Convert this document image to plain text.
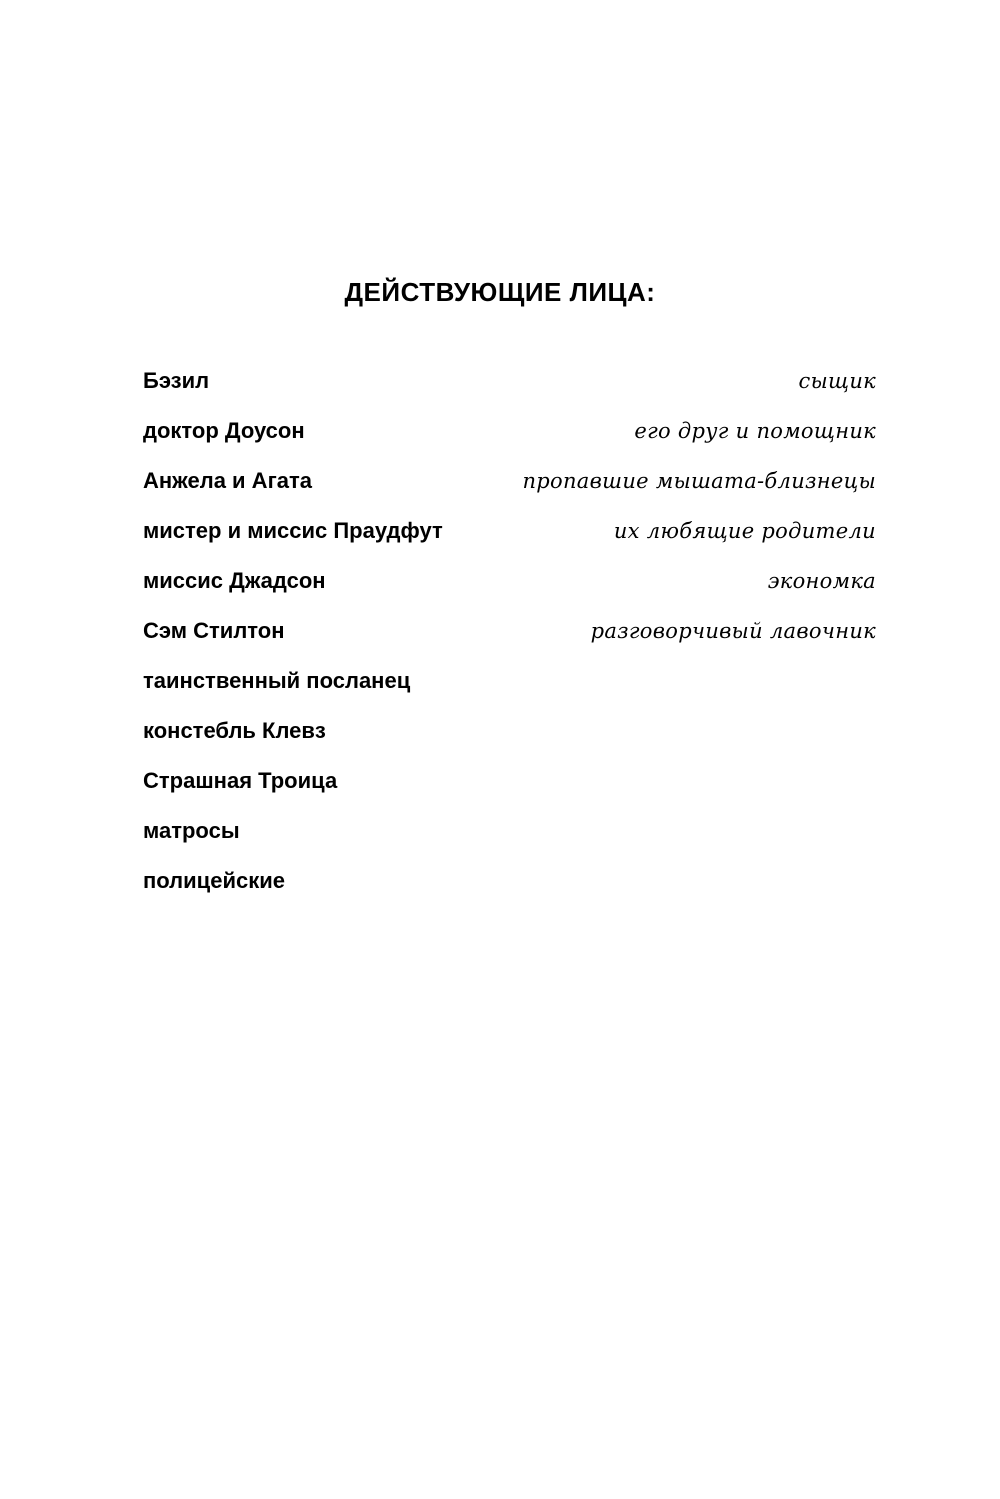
ДЕЙСТВУЮЩИЕ ЛИЦА:
Бэзил	сыщик
доктор Доусон	его друг и помощник
Анжела и Агата	пропавшие мышата-близнецы
мистер и миссис Праудфут	их любящие родители
миссис Джадсон	экономка
Сэм Стилтон	разговорчивый лавочник
таинственный посланец
констебль Клевз
Страшная Троица
матросы
полицейские
